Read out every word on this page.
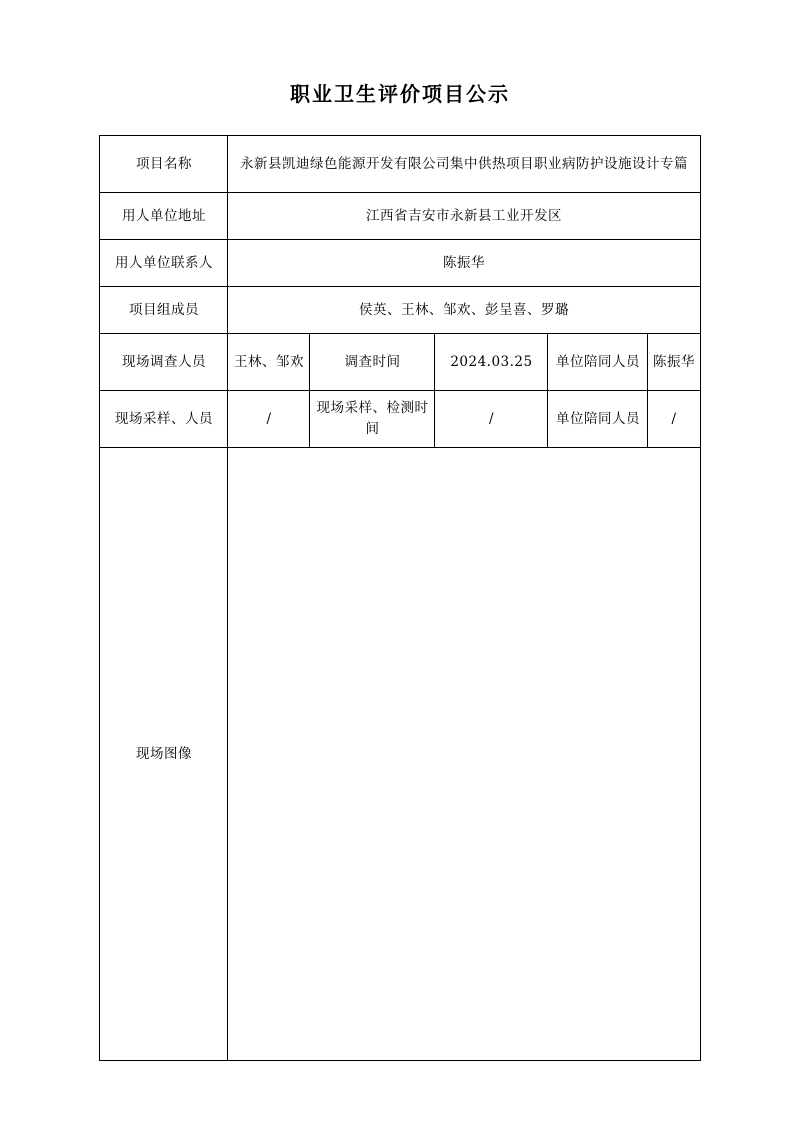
职业卫生评价项目公示
项目名称	永新县凯迪绿色能源开发有限公司集中供热项目职业病防护设施设计专篇				
用人单位地址	江西省吉安市永新县工业开发区				
用人单位联系人	陈振华				
项目组成员	侯英、王林、邹欢、彭呈喜、罗璐				
现场调查人员	王林、邹欢	调查时间	2024.03.25	单位陪同人员	陈振华
现场采样、人员	/	现场采样、检测时间	/	单位陪同人员	/
现场图像					
